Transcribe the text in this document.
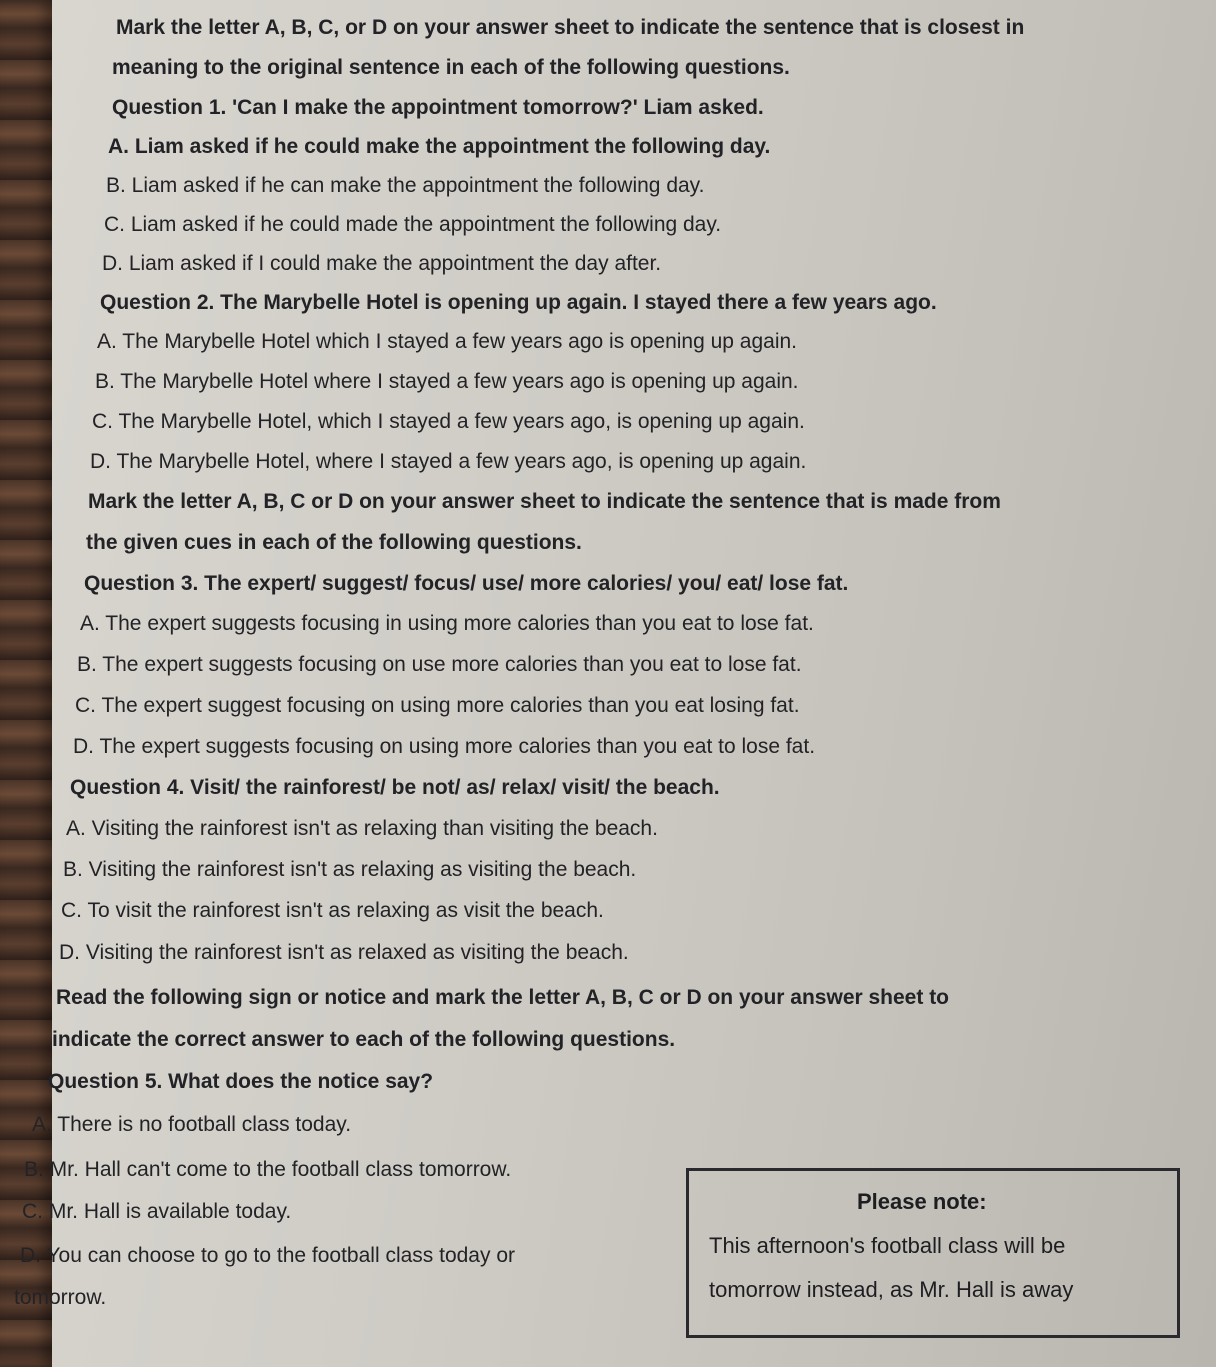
Mark the letter A, B, C, or D on your answer sheet to indicate the sentence that is closest in
meaning to the original sentence in each of the following questions.
Question 1. 'Can I make the appointment tomorrow?' Liam asked.
A. Liam asked if he could make the appointment the following day.
B. Liam asked if he can make the appointment the following day.
C. Liam asked if he could made the appointment the following day.
D. Liam asked if I could make the appointment the day after.
Question 2. The Marybelle Hotel is opening up again. I stayed there a few years ago.
A. The Marybelle Hotel which I stayed a few years ago is opening up again.
B. The Marybelle Hotel where I stayed a few years ago is opening up again.
C. The Marybelle Hotel, which I stayed a few years ago, is opening up again.
D. The Marybelle Hotel, where I stayed a few years ago, is opening up again.
Mark the letter A, B, C or D on your answer sheet to indicate the sentence that is made from
the given cues in each of the following questions.
Question 3. The expert/ suggest/ focus/ use/ more calories/ you/ eat/ lose fat.
A. The expert suggests focusing in using more calories than you eat to lose fat.
B. The expert suggests focusing on use more calories than you eat to lose fat.
C. The expert suggest focusing on using more calories than you eat losing fat.
D. The expert suggests focusing on using more calories than you eat to lose fat.
Question 4. Visit/ the rainforest/ be not/ as/ relax/ visit/ the beach.
A. Visiting the rainforest isn't as relaxing than visiting the beach.
B. Visiting the rainforest isn't as relaxing as visiting the beach.
C. To visit the rainforest isn't as relaxing as visit the beach.
D. Visiting the rainforest isn't as relaxed as visiting the beach.
Read the following sign or notice and mark the letter A, B, C or D on your answer sheet to
indicate the correct answer to each of the following questions.
Question 5. What does the notice say?
A. There is no football class today.
B. Mr. Hall can't come to the football class tomorrow.
C. Mr. Hall is available today.
D. You can choose to go to the football class today or
tomorrow.
Please note:
This afternoon's football class will be
tomorrow instead, as Mr. Hall is away
